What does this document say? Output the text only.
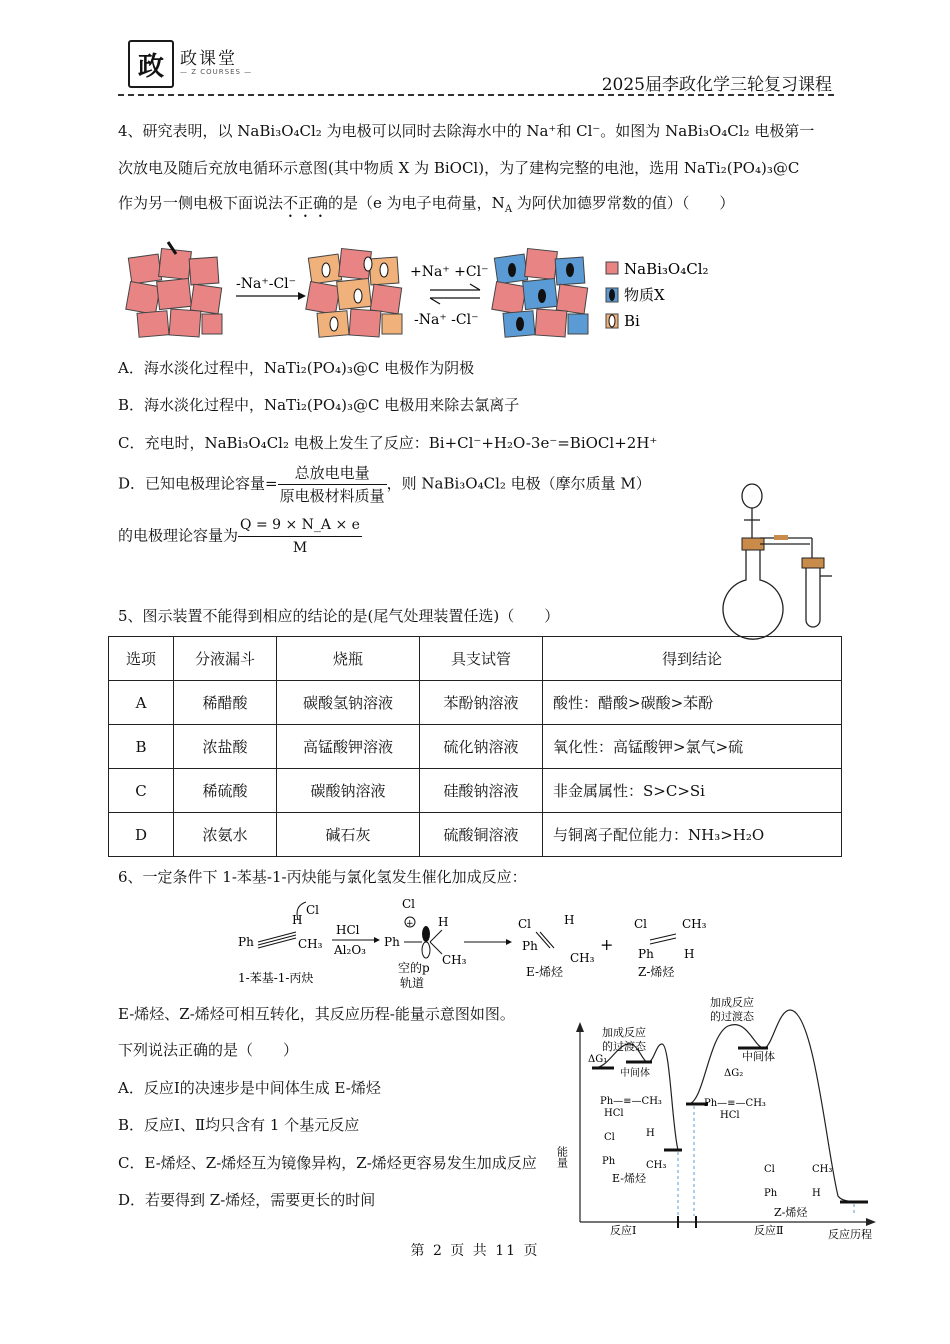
政 政课堂
— Z COURSES —
2025届李政化学三轮复习课程
4、研究表明，以 NaBi₃O₄Cl₂ 为电极可以同时去除海水中的 Na⁺和 Cl⁻。如图为 NaBi₃O₄Cl₂ 电极第一
次放电及随后充放电循环示意图(其中物质 X 为 BiOCl)，为了建构完整的电池，选用 NaTi₂(PO₄)₃@C
作为另一侧电极下面说法不正确的是（e 为电子电荷量，$N_A$ 为阿伏加德罗常数的值）（　　）
-Na⁺-Cl⁻
+Na⁺ +Cl⁻
-Na⁺ -Cl⁻
NaBi₃O₄Cl₂
物质X
Bi
A．海水淡化过程中，NaTi₂(PO₄)₃@C 电极作为阴极
B．海水淡化过程中，NaTi₂(PO₄)₃@C 电极用来除去氯离子
C．充电时，NaBi₃O₄Cl₂ 电极上发生了反应：Bi+Cl⁻+H₂O-3e⁻=BiOCl+2H⁺
D．已知电极理论容量= $\frac{\text{总放电电量}}{\text{原电极材料质量}}$ ，则 NaBi₃O₄Cl₂ 电极（摩尔质量 M）
的电极理论容量为 $\frac{Q = 9 \times N\_A \times e}{M}$
5、图示装置不能得到相应的结论的是(尾气处理装置任选)（　　）
选项	分液漏斗	烧瓶	具支试管	得到结论
A	稀醋酸	碳酸氢钠溶液	苯酚钠溶液	酸性：醋酸>碳酸>苯酚
B	浓盐酸	高锰酸钾溶液	硫化钠溶液	氧化性：高锰酸钾>氯气>硫
C	稀硫酸	碳酸钠溶液	硅酸钠溶液	非金属属性：S>C>Si
D	浓氨水	碱石灰	硫酸铜溶液	与铜离子配位能力：NH₃>H₂O
6、一定条件下 1-苯基-1-丙炔能与氯化氢发生催化加成反应：
Ph	CH₃
H
Cl
1-苯基-1-丙炔
HCl
Al₂O₃
Ph
+ H
CH₃
Cl
空的p
轨道
Cl	H
Ph
CH₃
E-烯烃
+
Cl	CH₃
Ph	H
Z-烯烃
E-烯烃、Z-烯烃可相互转化，其反应历程-能量示意图如图。
下列说法正确的是（　　）
A．反应Ⅰ的决速步是中间体生成 E-烯烃
B．反应Ⅰ、Ⅱ均只含有 1 个基元反应
C．E-烯烃、Z-烯烃互为镜像异构，Z-烯烃更容易发生加成反应
D．若要得到 Z-烯烃，需要更长的时间
能量
反应历程
反应Ⅰ	反应Ⅱ
加成反应
的过渡态
ΔG₁
中间体
Ph—≡—CH₃
HCl
Cl	H
Ph	CH₃
E-烯烃
加成反应
的过渡态
中间体
ΔG₂
Ph—≡—CH₃
HCl
Cl	CH₃
Ph	H
Z-烯烃
第 2 页 共 11 页
